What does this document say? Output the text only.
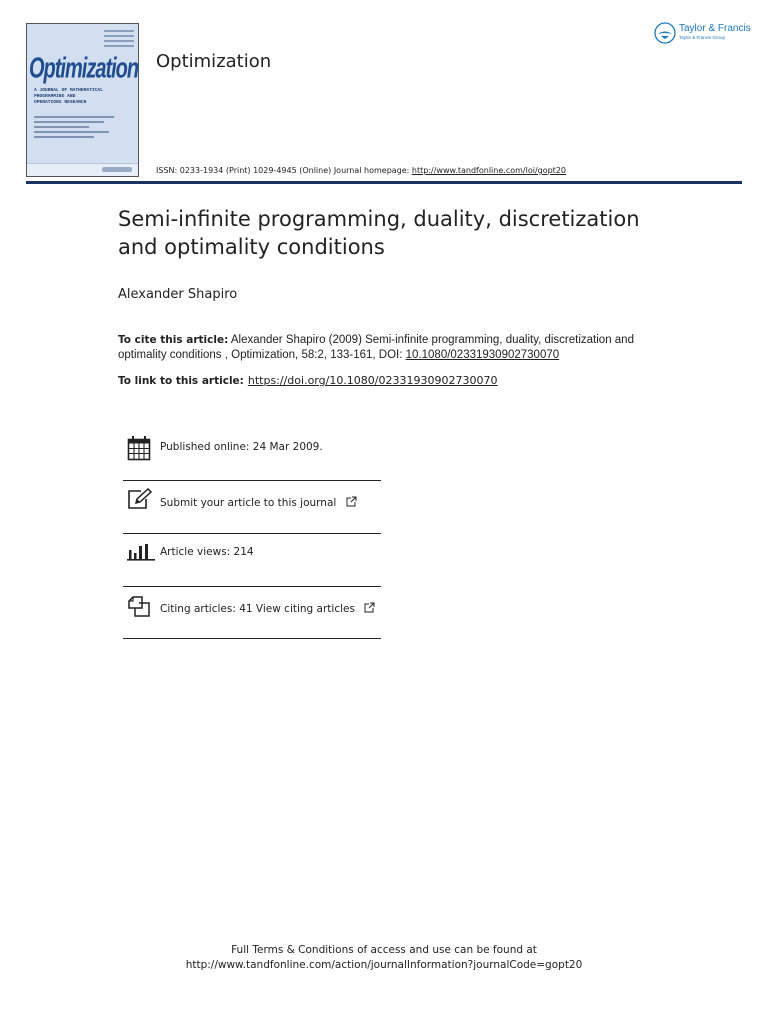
Optimization
A JOURNAL OF MATHEMATICAL
PROGRAMMING AND
OPERATIONS RESEARCH
Optimization
Taylor & Francis
Taylor & Francis Group
ISSN: 0233-1934 (Print) 1029-4945 (Online) Journal homepage: http://www.tandfonline.com/loi/gopt20
Semi-infinite programming, duality, discretization and optimality conditions
Alexander Shapiro
To cite this article: Alexander Shapiro (2009) Semi-infinite programming, duality, discretization and optimality conditions , Optimization, 58:2, 133-161, DOI: 10.1080/02331930902730070
To link to this article: https://doi.org/10.1080/02331930902730070
Published online: 24 Mar 2009.
Submit your article to this journal
Article views: 214
Citing articles: 41 View citing articles
Full Terms & Conditions of access and use can be found at
http://www.tandfonline.com/action/journalInformation?journalCode=gopt20
